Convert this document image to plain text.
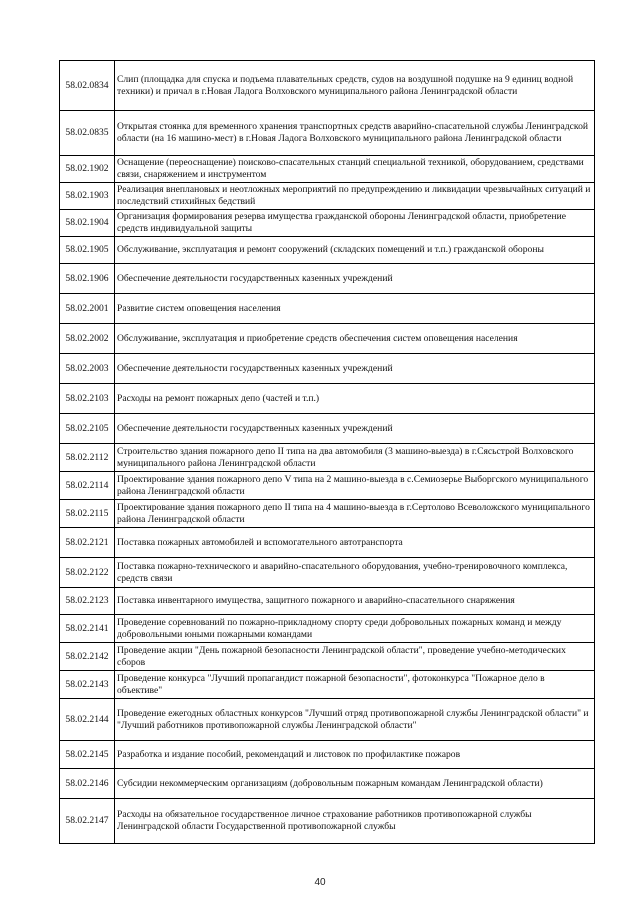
58.02.0834	Слип (площадка для спуска и подъема плавательных средств, судов на воздушной подушке на 9 единиц водной техники) и причал в г.Новая Ладога Волховского муниципального района Ленинградской области
58.02.0835	Открытая стоянка для временного хранения транспортных средств аварийно-спасательной службы Ленинградской области (на 16 машино-мест) в г.Новая Ладога Волховского муниципального района Ленинградской области
58.02.1902	Оснащение (переоснащение) поисково-спасательных станций специальной техникой, оборудованием, средствами связи, снаряжением и инструментом
58.02.1903	Реализация внеплановых и неотложных мероприятий по предупреждению и ликвидации чрезвычайных ситуаций и последствий стихийных бедствий
58.02.1904	Организация формирования резерва имущества гражданской обороны Ленинградской области, приобретение средств индивидуальной защиты
58.02.1905	Обслуживание, эксплуатация и ремонт сооружений (складских помещений и т.п.) гражданской обороны
58.02.1906	Обеспечение деятельности государственных казенных учреждений
58.02.2001	Развитие систем оповещения населения
58.02.2002	Обслуживание, эксплуатация и приобретение средств обеспечения систем оповещения населения
58.02.2003	Обеспечение деятельности государственных казенных учреждений
58.02.2103	Расходы на ремонт пожарных депо (частей и т.п.)
58.02.2105	Обеспечение деятельности государственных казенных учреждений
58.02.2112	Строительство здания пожарного депо II типа на два автомобиля (3 машино-выезда) в г.Сясьстрой Волховского муниципального района Ленинградской области
58.02.2114	Проектирование здания пожарного депо V типа на 2 машино-выезда в с.Семиозерье Выборгского муниципального района Ленинградской области
58.02.2115	Проектирование здания пожарного депо II типа на 4 машино-выезда в г.Сертолово Всеволожского муниципального района Ленинградской области
58.02.2121	Поставка пожарных автомобилей и вспомогательного автотранспорта
58.02.2122	Поставка пожарно-технического и аварийно-спасательного оборудования, учебно-тренировочного комплекса, средств связи
58.02.2123	Поставка инвентарного имущества, защитного пожарного и аварийно-спасательного снаряжения
58.02.2141	Проведение соревнований по пожарно-прикладному спорту среди добровольных пожарных команд и между добровольными юными пожарными командами
58.02.2142	Проведение акции "День пожарной безопасности Ленинградской области", проведение учебно-методических сборов
58.02.2143	Проведение конкурса "Лучший пропагандист пожарной безопасности", фотоконкурса "Пожарное дело в объективе"
58.02.2144	Проведение ежегодных областных конкурсов "Лучший отряд противопожарной службы Ленинградской области" и "Лучший работников противопожарной службы Ленинградской области"
58.02.2145	Разработка и издание пособий, рекомендаций и листовок по профилактике пожаров
58.02.2146	Субсидии некоммерческим организациям (добровольным пожарным командам Ленинградской области)
58.02.2147	Расходы на обязательное государственное личное страхование работников противопожарной службы Ленинградской области Государственной противопожарной службы
40
